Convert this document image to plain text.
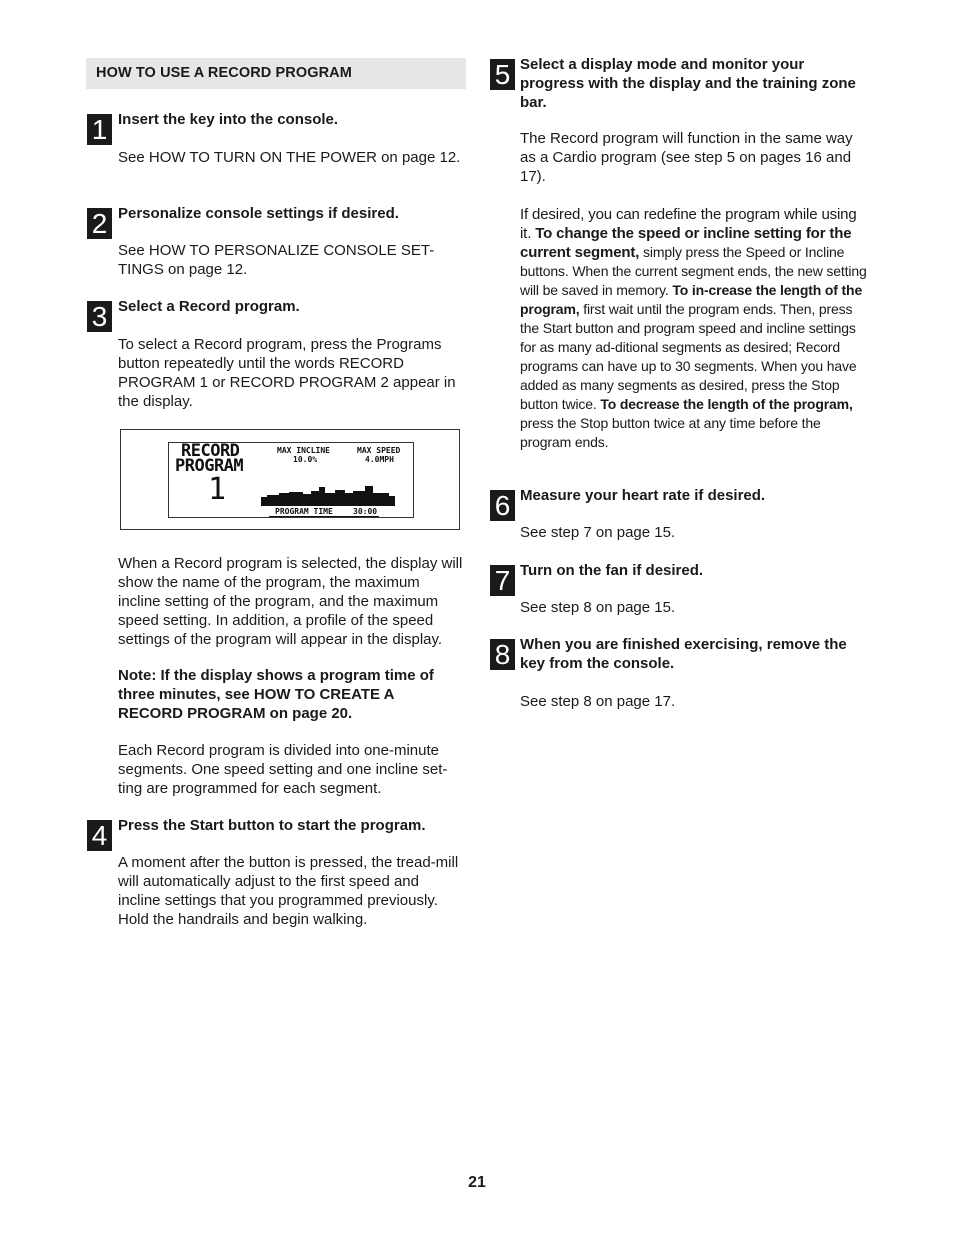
HOW TO USE A RECORD PROGRAM
1 Insert the key into the console.

See HOW TO TURN ON THE POWER on page 12.

2 Personalize console settings if desired.

See HOW TO PERSONALIZE CONSOLE SET-TINGS on page 12.

3 Select a Record program.

To select a Record program, press the Programs button repeatedly until the words RECORD PROGRAM 1 or RECORD PROGRAM 2 appear in the display.

RECORD
PROGRAM
1
MAX INCLINE
10.0%
MAX SPEED
4.0MPH
PROGRAM TIME	30:00

When a Record program is selected, the display will show the name of the program, the maximum incline setting of the program, and the maximum speed setting. In addition, a profile of the speed settings of the program will appear in the display.

Note: If the display shows a program time of three minutes, see HOW TO CREATE A RECORD PROGRAM on page 20.

Each Record program is divided into one-minute segments. One speed setting and one incline set-ting are programmed for each segment.

4 Press the Start button to start the program.

A moment after the button is pressed, the tread-mill will automatically adjust to the first speed and incline settings that you programmed previously. Hold the handrails and begin walking.

5 Select a display mode and monitor your progress with the display and the training zone bar.

The Record program will function in the same way as a Cardio program (see step 5 on pages 16 and 17).

If desired, you can redefine the program while using it. To change the speed or incline setting for the current segment, simply press the Speed or Incline buttons. When the current segment ends, the new setting will be saved in memory. To in-crease the length of the program, first wait until the program ends. Then, press the Start button and program speed and incline settings for as many ad-ditional segments as desired; Record programs can have up to 30 segments. When you have added as many segments as desired, press the Stop button twice. To decrease the length of the program, press the Stop button twice at any time before the program ends.

6 Measure your heart rate if desired.

See step 7 on page 15.

7 Turn on the fan if desired.

See step 8 on page 15.

8 When you are finished exercising, remove the key from the console.

See step 8 on page 17.

21
